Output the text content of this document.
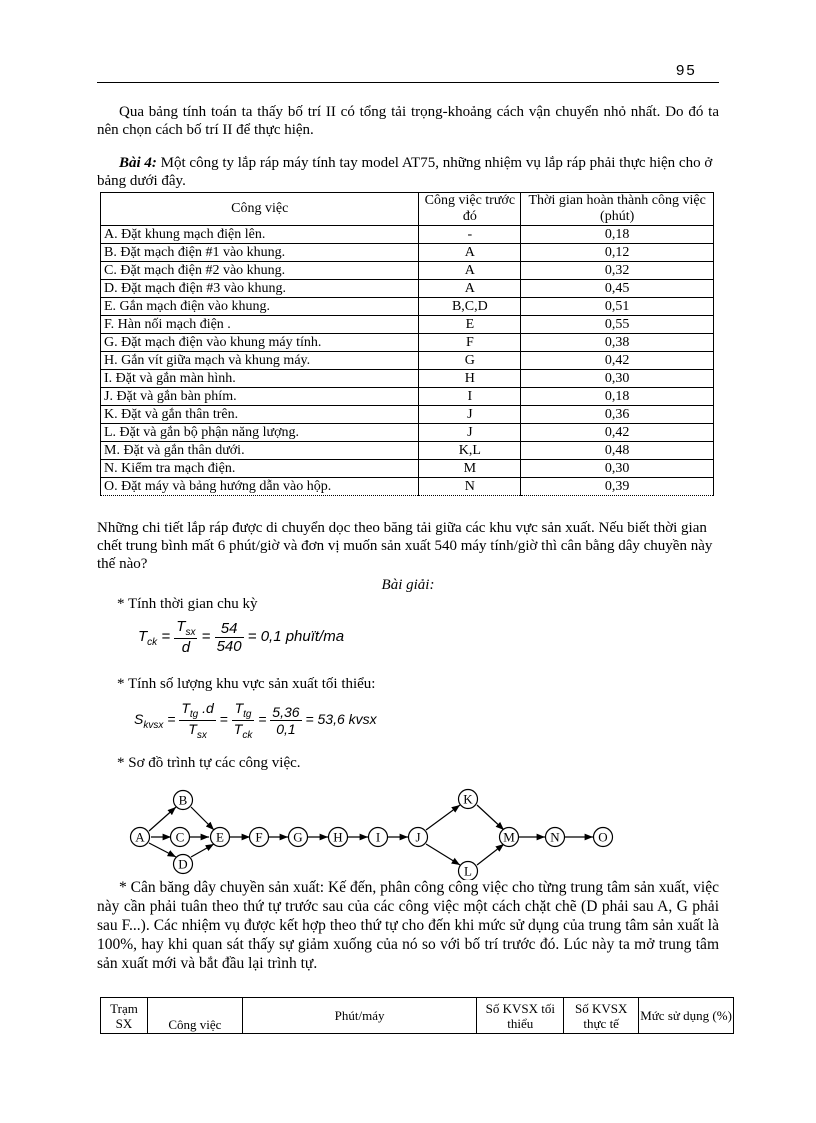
95
Qua bảng tính toán ta thấy bố trí II có tổng tải trọng-khoảng cách vận chuyển nhỏ nhất. Do đó ta nên chọn cách bố trí II để thực hiện.
Bài 4: Một công ty lắp ráp máy tính tay model AT75, những nhiệm vụ lắp ráp phải thực hiện cho ở bảng dưới đây.
Công việc	Công việc trước đó	Thời gian hoàn thành công việc (phút)
A. Đặt khung mạch điện lên.	-	0,18
B. Đặt mạch điện #1 vào khung.	A	0,12
C. Đặt mạch điện #2 vào khung.	A	0,32
D. Đặt mạch điện #3 vào khung.	A	0,45
E. Gắn mạch điện vào khung.	B,C,D	0,51
F. Hàn nối mạch điện .	E	0,55
G. Đặt mạch điện vào khung máy tính.	F	0,38
H. Gắn vít giữa mạch và khung máy.	G	0,42
I. Đặt và gắn màn hình.	H	0,30
J. Đặt và gắn bàn phím.	I	0,18
K. Đặt và gắn thân trên.	J	0,36
L. Đặt và gắn bộ phận năng lượng.	J	0,42
M. Đặt và gắn thân dưới.	K,L	0,48
N. Kiểm tra mạch điện.	M	0,30
O. Đặt máy và bảng hướng dẫn vào hộp.	N	0,39
Những chi tiết lắp ráp được di chuyển dọc theo băng tải giữa các khu vực sản xuất. Nếu biết thời gian chết trung bình mất 6 phút/giờ và đơn vị muốn sản xuất 540 máy tính/giờ thì cân bằng dây chuyền này thế nào?
Bài giải:
* Tính thời gian chu kỳ
$T_{ck} = \frac{T_{sx}}{d} = \frac{54}{540} = 0,1$ phuït/ma
* Tính số lượng khu vực sản xuất tối thiểu:
$S_{kvsx} = \frac{T_{tg} .d}{T_{sx}} = \frac{T_{tg}}{T_{ck}} = \frac{5,36}{0,1} = 53,6$ kvsx
* Sơ đồ trình tự các công việc.
A
B
C
D
E F G H	I	J
K
L
M	N	O
* Cân băng dây chuyền sản xuất: Kế đến, phân công công việc cho từng trung tâm sản xuất, việc này cần phải tuân theo thứ tự trước sau của các công việc một cách chặt chẽ (D phải sau A, G phải sau F...). Các nhiệm vụ được kết hợp theo thứ tự cho đến khi mức sử dụng của trung tâm sản xuất là 100%, hay khi quan sát thấy sự giảm xuống của nó so với bố trí trước đó. Lúc này ta mở trung tâm sản xuất mới và bắt đầu lại trình tự.
Trạm SX	Công việc	Phút/máy	Số KVSX tối thiểu	Số KVSX thực tế	Mức sử dụng (%)
